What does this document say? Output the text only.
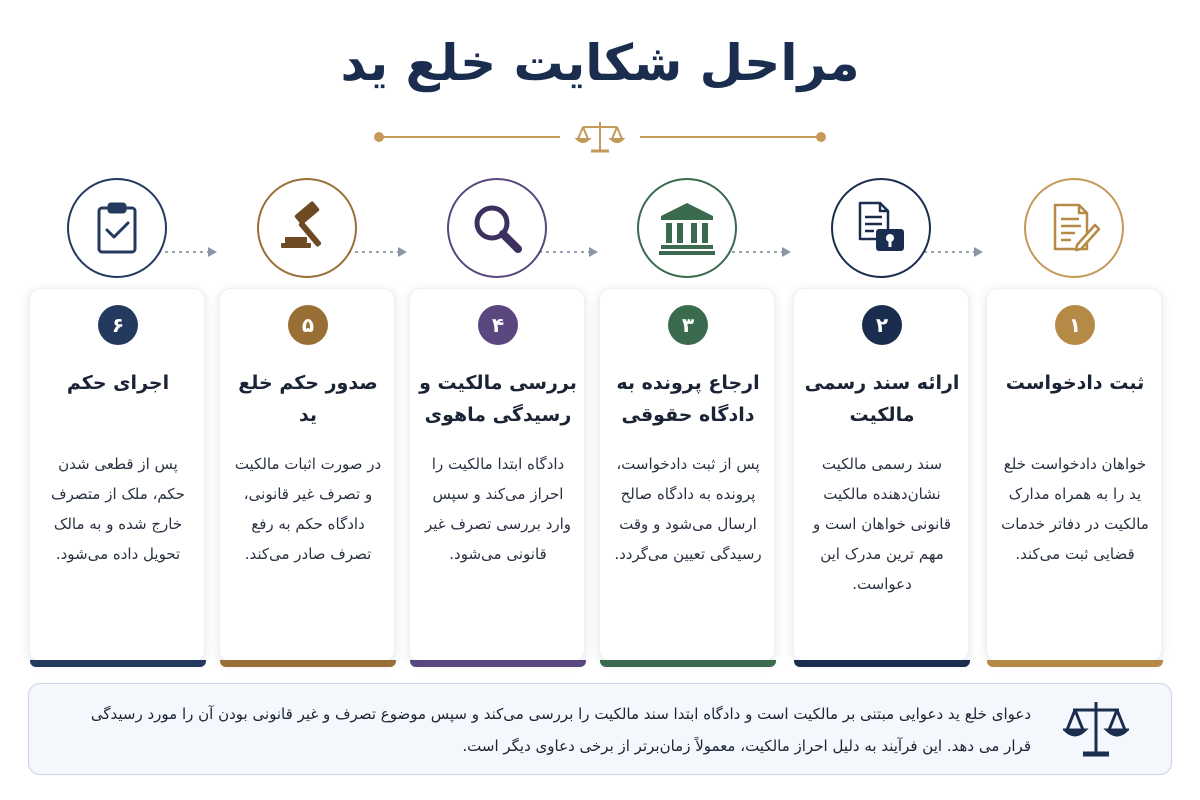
مراحل شکایت خلع ید
۱
ثبت دادخواست
خواهان دادخواست خلع ید را به همراه مدارک مالکیت در دفاتر خدمات قضایی ثبت می‌کند.
۲
ارائه سند رسمی مالکیت
سند رسمی مالکیت نشان‌دهنده مالکیت قانونی خواهان است و مهم ترین مدرک این دعواست.
۳
ارجاع پرونده به دادگاه حقوقی
پس از ثبت دادخواست، پرونده به دادگاه صالح ارسال می‌شود و وقت رسیدگی تعیین می‌گردد.
۴
بررسی مالکیت و رسیدگی ماهوی
دادگاه ابتدا مالکیت را احراز می‌کند و سپس وارد بررسی تصرف غیر قانونی می‌شود.
۵
صدور حکم خلع ید
در صورت اثبات مالکیت و تصرف غیر قانونی، دادگاه حکم به رفع تصرف صادر می‌کند.
۶
اجرای حکم
پس از قطعی شدن حکم، ملک از متصرف خارج شده و به مالک تحویل داده می‌شود.
دعوای خلع ید دعوایی مبتنی بر مالکیت است و دادگاه ابتدا سند مالکیت را بررسی می‌کند و سپس موضوع تصرف و غیر قانونی بودن آن را مورد رسیدگی قرار می دهد. این فرآیند به دلیل احراز مالکیت، معمولاً زمان‌برتر از برخی دعاوی دیگر است.
